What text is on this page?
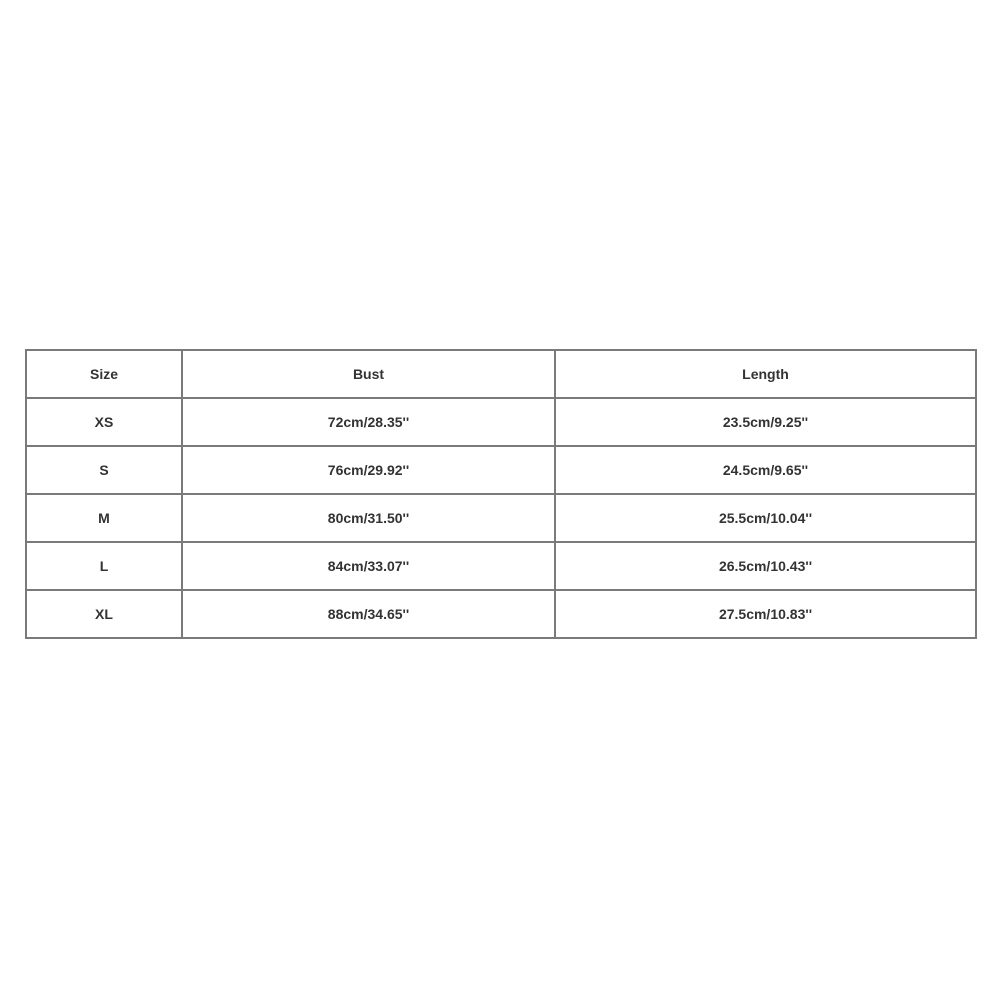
Size	Bust	Length
XS	72cm/28.35''	23.5cm/9.25''
S	76cm/29.92''	24.5cm/9.65''
M	80cm/31.50''	25.5cm/10.04''
L	84cm/33.07''	26.5cm/10.43''
XL	88cm/34.65''	27.5cm/10.83''
